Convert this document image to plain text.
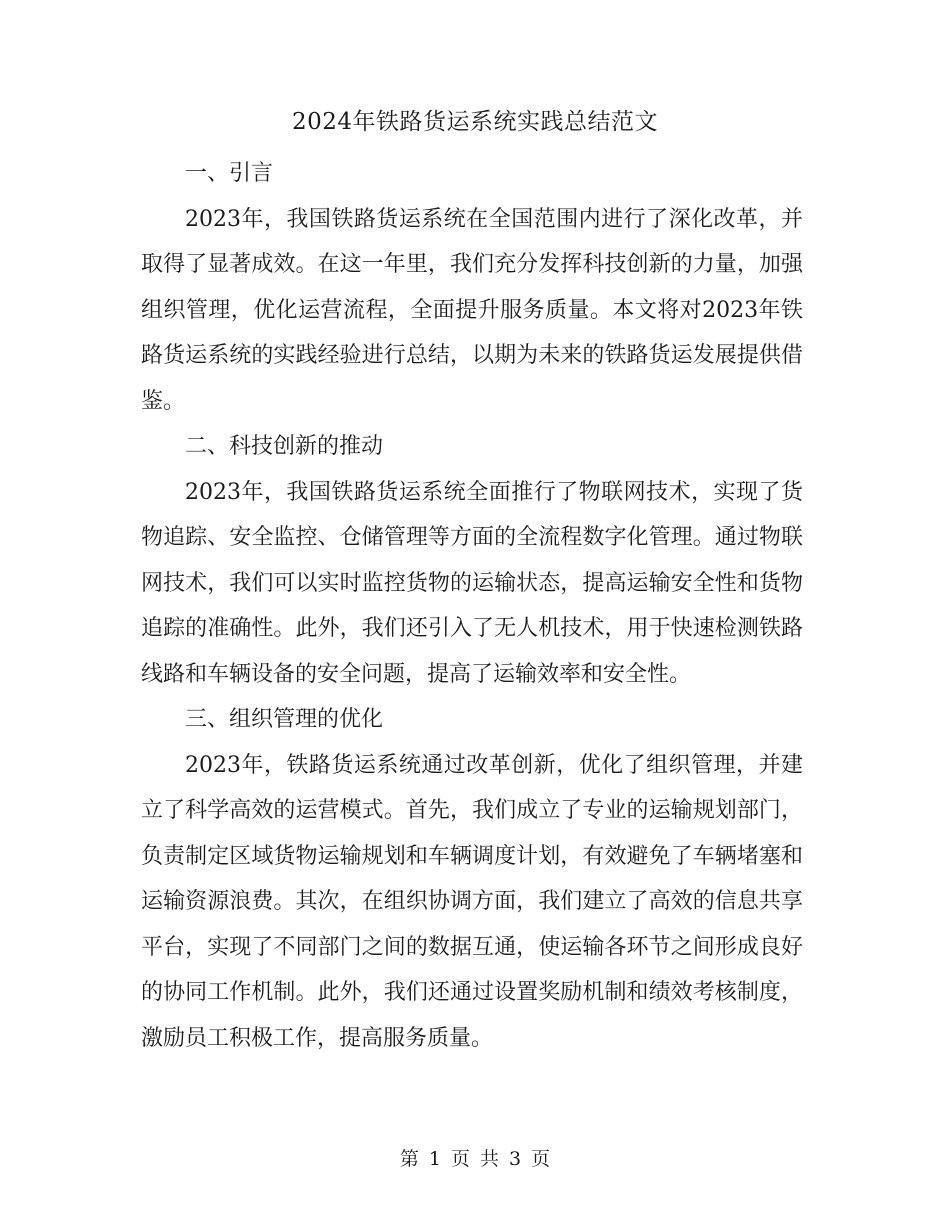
2024年铁路货运系统实践总结范文

一、引言

2023年，我国铁路货运系统在全国范围内进行了深化改革，并取得了显著成效。在这一年里，我们充分发挥科技创新的力量，加强组织管理，优化运营流程，全面提升服务质量。本文将对2023年铁路货运系统的实践经验进行总结，以期为未来的铁路货运发展提供借鉴。

二、科技创新的推动

2023年，我国铁路货运系统全面推行了物联网技术，实现了货物追踪、安全监控、仓储管理等方面的全流程数字化管理。通过物联网技术，我们可以实时监控货物的运输状态，提高运输安全性和货物追踪的准确性。此外，我们还引入了无人机技术，用于快速检测铁路线路和车辆设备的安全问题，提高了运输效率和安全性。

三、组织管理的优化

2023年，铁路货运系统通过改革创新，优化了组织管理，并建立了科学高效的运营模式。首先，我们成立了专业的运输规划部门，负责制定区域货物运输规划和车辆调度计划，有效避免了车辆堵塞和运输资源浪费。其次，在组织协调方面，我们建立了高效的信息共享平台，实现了不同部门之间的数据互通，使运输各环节之间形成良好的协同工作机制。此外，我们还通过设置奖励机制和绩效考核制度，激励员工积极工作，提高服务质量。

第 1 页 共 3 页
